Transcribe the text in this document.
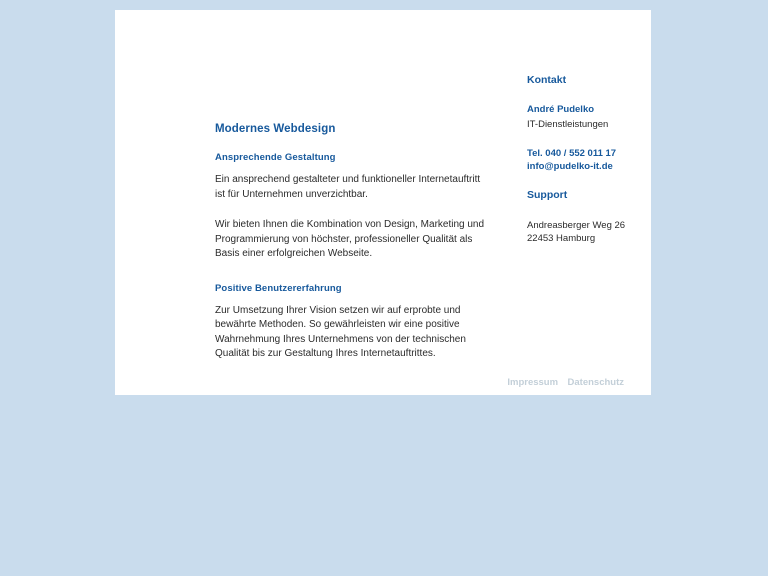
Modernes Webdesign
Ansprechende Gestaltung

Ein ansprechend gestalteter und funktioneller Internetauftritt ist für Unternehmen unverzichtbar.

Wir bieten Ihnen die Kombination von Design, Marketing und Programmierung von höchster, professioneller Qualität als Basis einer erfolgreichen Webseite.

Positive Benutzererfahrung

Zur Umsetzung Ihrer Vision setzen wir auf erprobte und bewährte Methoden. So gewährleisten wir eine positive Wahrnehmung Ihres Unternehmens von der technischen Qualität bis zur Gestaltung Ihres Internetauftrittes.

Kontakt

André Pudelko

IT-Dienstleistungen

Tel. 040 / 552 011 17

info@pudelko-it.de
Support

Andreasberger Weg 26

22453 Hamburg

Impressum Datenschutz
